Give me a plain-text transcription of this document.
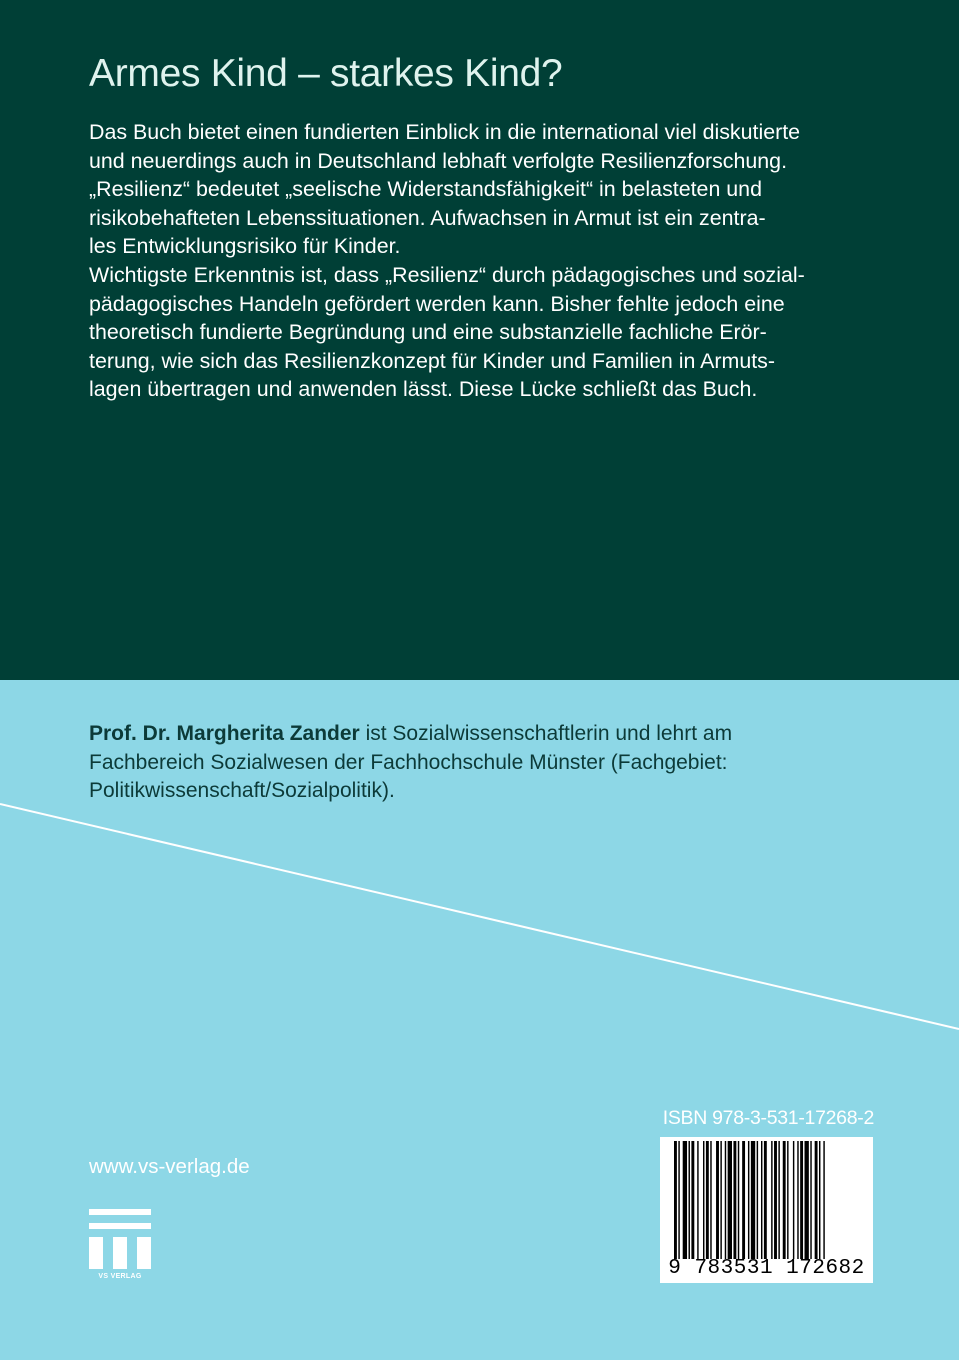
Armes Kind – starkes Kind?
Das Buch bietet einen fundierten Einblick in die international viel diskutierte
und neuerdings auch in Deutschland lebhaft verfolgte Resilienzforschung.
„Resilienz“ bedeutet „seelische Widerstandsfähigkeit“ in belasteten und
risikobehafteten Lebenssituationen. Aufwachsen in Armut ist ein zentra-
les Entwicklungsrisiko für Kinder.
Wichtigste Erkenntnis ist, dass „Resilienz“ durch pädagogisches und sozial-
pädagogisches Handeln gefördert werden kann. Bisher fehlte jedoch eine
theoretisch fundierte Begründung und eine substanzielle fachliche Erör-
terung, wie sich das Resilienzkonzept für Kinder und Familien in Armuts-
lagen übertragen und anwenden lässt. Diese Lücke schließt das Buch.
Prof. Dr. Margherita Zander ist Sozialwissenschaftlerin und lehrt am
Fachbereich Sozialwesen der Fachhochschule Münster (Fachgebiet:
Politikwissenschaft/Sozialpolitik).
ISBN 978-3-531-17268-2
9 783531 172682
www.vs-verlag.de
VS VERLAG
